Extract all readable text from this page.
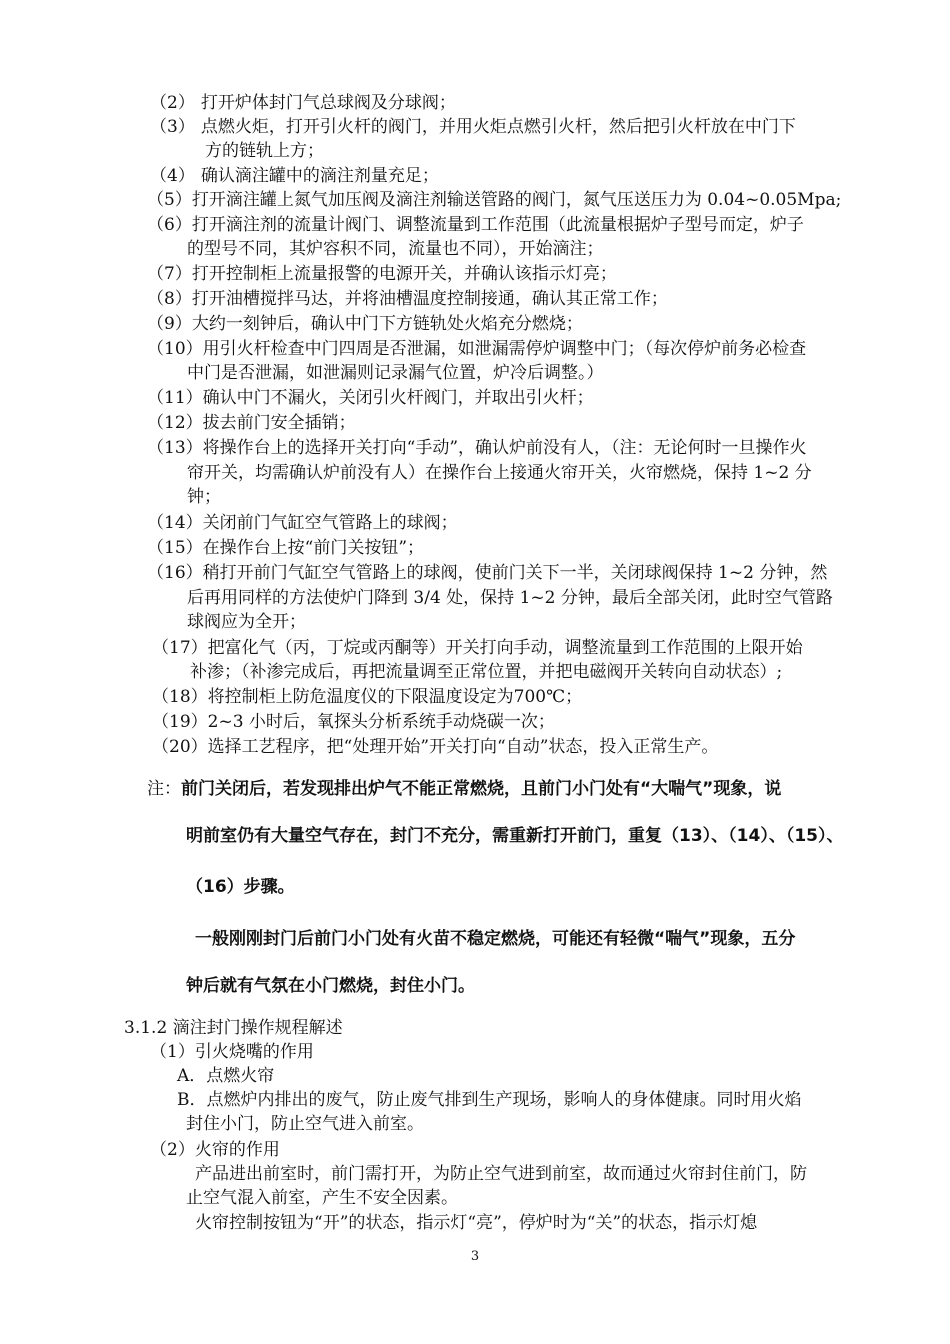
（2） 打开炉体封门气总球阀及分球阀；
（3） 点燃火炬，打开引火杆的阀门，并用火炬点燃引火杆，然后把引火杆放在中门下
方的链轨上方；
（4） 确认滴注罐中的滴注剂量充足；
（5）打开滴注罐上氮气加压阀及滴注剂输送管路的阀门，氮气压送压力为 0.04~0.05Mpa;
（6）打开滴注剂的流量计阀门、调整流量到工作范围（此流量根据炉子型号而定，炉子
的型号不同，其炉容积不同，流量也不同），开始滴注；
（7）打开控制柜上流量报警的电源开关，并确认该指示灯亮；
（8）打开油槽搅拌马达，并将油槽温度控制接通，确认其正常工作；
（9）大约一刻钟后，确认中门下方链轨处火焰充分燃烧；
（10）用引火杆检查中门四周是否泄漏，如泄漏需停炉调整中门；（每次停炉前务必检查
中门是否泄漏，如泄漏则记录漏气位置，炉冷后调整。）
（11）确认中门不漏火，关闭引火杆阀门，并取出引火杆；
（12）拔去前门安全插销；
（13）将操作台上的选择开关打向“手动”，确认炉前没有人，（注：无论何时一旦操作火
帘开关，均需确认炉前没有人）在操作台上接通火帘开关，火帘燃烧，保持 1~2 分
钟；
（14）关闭前门气缸空气管路上的球阀；
（15）在操作台上按“前门关按钮”；
（16）稍打开前门气缸空气管路上的球阀，使前门关下一半，关闭球阀保持 1~2 分钟，然
后再用同样的方法使炉门降到 3/4 处，保持 1~2 分钟，最后全部关闭，此时空气管路
球阀应为全开；
（17）把富化气（丙，丁烷或丙酮等）开关打向手动，调整流量到工作范围的上限开始
补渗；（补渗完成后，再把流量调至正常位置，并把电磁阀开关转向自动状态）;
（18）将控制柜上防危温度仪的下限温度设定为700℃；
（19）2~3 小时后，氧探头分析系统手动烧碳一次；
（20）选择工艺程序，把“处理开始”开关打向“自动”状态，投入正常生产。
注：前门关闭后，若发现排出炉气不能正常燃烧，且前门小门处有“大喘气”现象，说
明前室仍有大量空气存在，封门不充分，需重新打开前门，重复（13）、（14）、（15）、
（16）步骤。
一般刚刚封门后前门小门处有火苗不稳定燃烧，可能还有轻微“喘气”现象，五分
钟后就有气氛在小门燃烧，封住小门。
3.1.2 滴注封门操作规程解述
（1）引火烧嘴的作用
A．点燃火帘
B．点燃炉内排出的废气，防止废气排到生产现场，影响人的身体健康。同时用火焰
封住小门，防止空气进入前室。
（2）火帘的作用
产品进出前室时，前门需打开，为防止空气进到前室，故而通过火帘封住前门，防
止空气混入前室，产生不安全因素。
火帘控制按钮为“开”的状态，指示灯“亮”，停炉时为“关”的状态，指示灯熄
3
